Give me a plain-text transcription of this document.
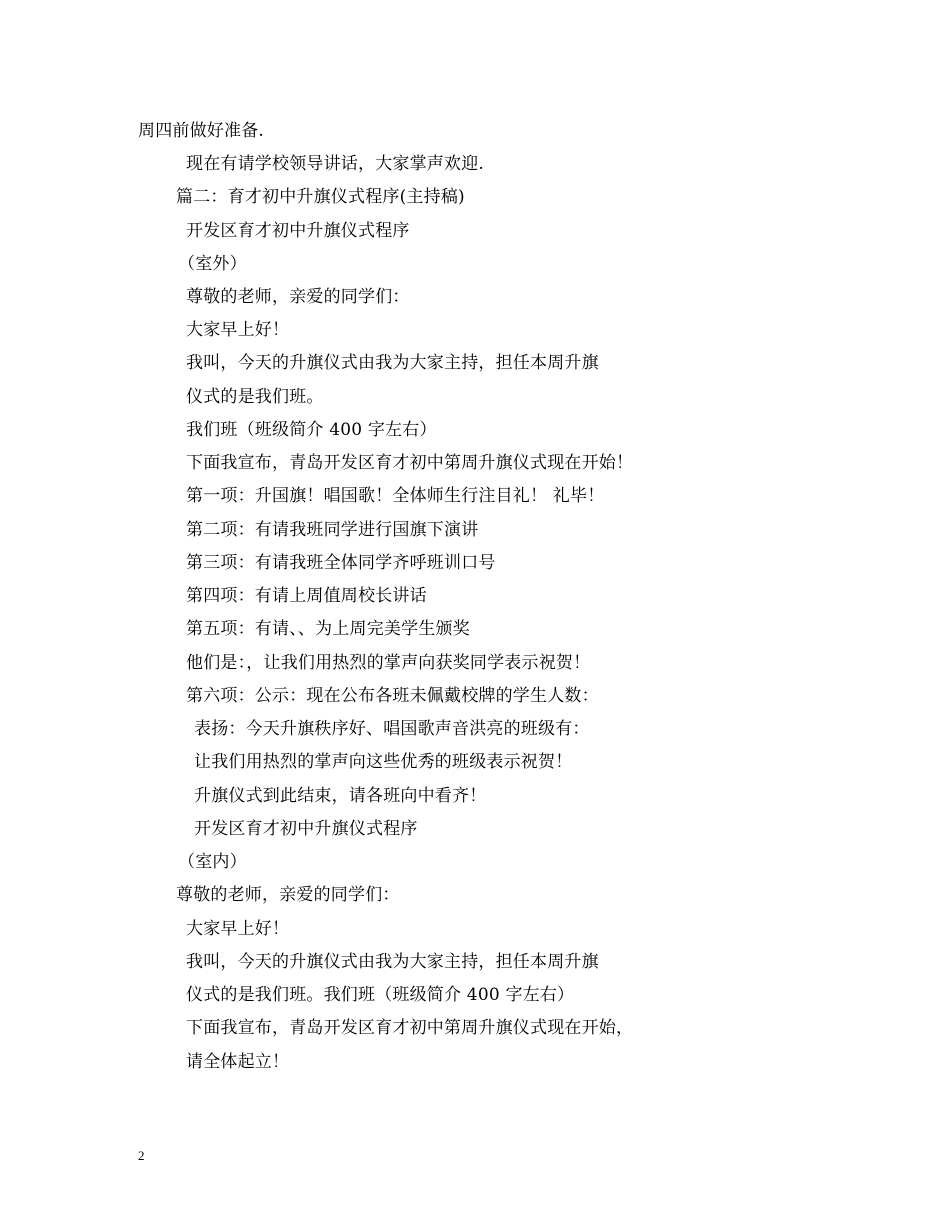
周四前做好准备.
现在有请学校领导讲话，大家掌声欢迎.
篇二：育才初中升旗仪式程序(主持稿)
开发区育才初中升旗仪式程序
（室外）
尊敬的老师，亲爱的同学们：
大家早上好！
我叫，今天的升旗仪式由我为大家主持，担任本周升旗
仪式的是我们班。
我们班（班级简介 400 字左右）
下面我宣布，青岛开发区育才初中第周升旗仪式现在开始！
第一项：升国旗！唱国歌！全体师生行注目礼！ 礼毕！
第二项：有请我班同学进行国旗下演讲
第三项：有请我班全体同学齐呼班训口号
第四项：有请上周值周校长讲话
第五项：有请、、为上周完美学生颁奖
他们是：，让我们用热烈的掌声向获奖同学表示祝贺！
第六项：公示：现在公布各班未佩戴校牌的学生人数：
表扬：今天升旗秩序好、唱国歌声音洪亮的班级有：
让我们用热烈的掌声向这些优秀的班级表示祝贺！
升旗仪式到此结束，请各班向中看齐！
开发区育才初中升旗仪式程序
（室内）
尊敬的老师，亲爱的同学们：
大家早上好！
我叫，今天的升旗仪式由我为大家主持，担任本周升旗
仪式的是我们班。我们班（班级简介 400 字左右）
下面我宣布，青岛开发区育才初中第周升旗仪式现在开始，
请全体起立！
2
